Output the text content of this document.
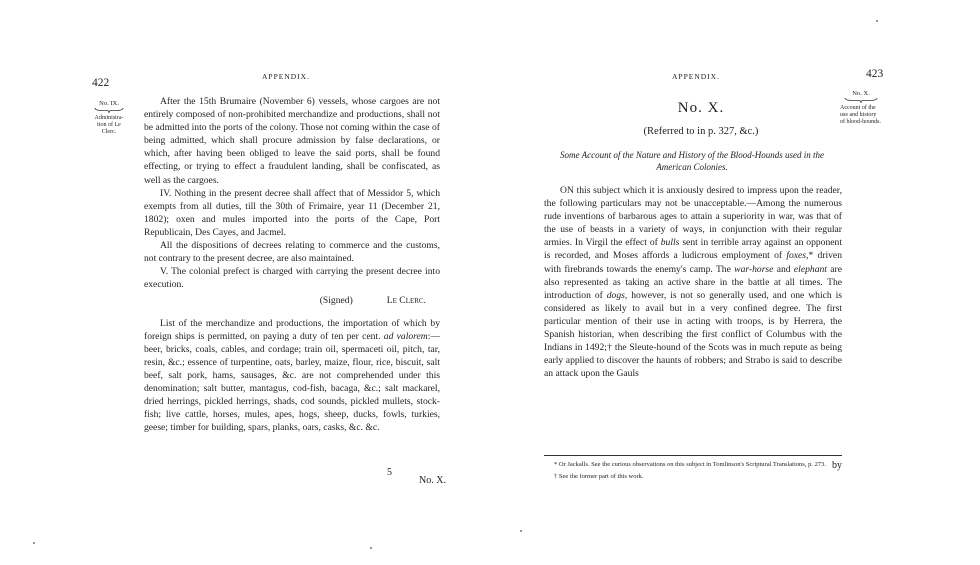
422
APPENDIX.
No. IX.
Administra-tion of Le Clerc.

After the 15th Brumaire (November 6) vessels, whose cargoes are not entirely composed of non-prohibited merchandize and productions, shall not be admitted into the ports of the colony. Those not coming within the case of being admitted, which shall procure admission by false declarations, or which, after having been obliged to leave the said ports, shall be found effecting, or trying to effect a fraudulent landing, shall be confiscated, as well as the cargoes.

IV. Nothing in the present decree shall affect that of Messidor 5, which exempts from all duties, till the 30th of Frimaire, year 11 (December 21, 1802); oxen and mules imported into the ports of the Cape, Port Republicain, Des Cayes, and Jacmel.

All the dispositions of decrees relating to commerce and the customs, not contrary to the present decree, are also maintained.

V. The colonial prefect is charged with carrying the present decree into execution.

(Signed)	Le Clerc.

List of the merchandize and productions, the importation of which by foreign ships is permitted, on paying a duty of ten per cent. ad valorem:—beer, bricks, coals, cables, and cordage; train oil, spermaceti oil, pitch, tar, resin, &c.; essence of turpentine, oats, barley, maize, flour, rice, biscuit, salt beef, salt pork, hams, sausages, &c. are not comprehended under this denomination; salt butter, mantagus, cod-fish, bacaga, &c.; salt mackarel, dried herrings, pickled herrings, shads, cod sounds, pickled mullets, stock-fish; live cattle, horses, mules, apes, hogs, sheep, ducks, fowls, turkies, geese; timber for building, spars, planks, oars, casks, &c. &c.

5
No. X.
APPENDIX.	423
No. X.
Account of the use and history of blood-hounds.
No. X.
(Referred to in p. 327, &c.)
Some Account of the Nature and History of the Blood-Hounds used in the American Colonies.

ON this subject which it is anxiously desired to impress upon the reader, the following particulars may not be unacceptable.—Among the numerous rude inventions of barbarous ages to attain a superiority in war, was that of the use of beasts in a variety of ways, in conjunction with their regular armies. In Virgil the effect of bulls sent in terrible array against an opponent is recorded, and Moses affords a ludicrous employment of foxes,* driven with firebrands towards the enemy's camp. The war-horse and elephant are also represented as taking an active share in the battle at all times. The introduction of dogs, however, is not so generally used, and one which is considered as likely to avail but in a very confined degree. The first particular mention of their use in acting with troops, is by Herrera, the Spanish historian, when describing the first conflict of Columbus with the Indians in 1492;† the Sleute-hound of the Scots was in much repute as being early applied to discover the haunts of robbers; and Strabo is said to describe an attack upon the Gauls

* Or Jackalls. See the curious observations on this subject in Tomlinson's Scriptural Translations, p. 273.
† See the former part of this work.
by
